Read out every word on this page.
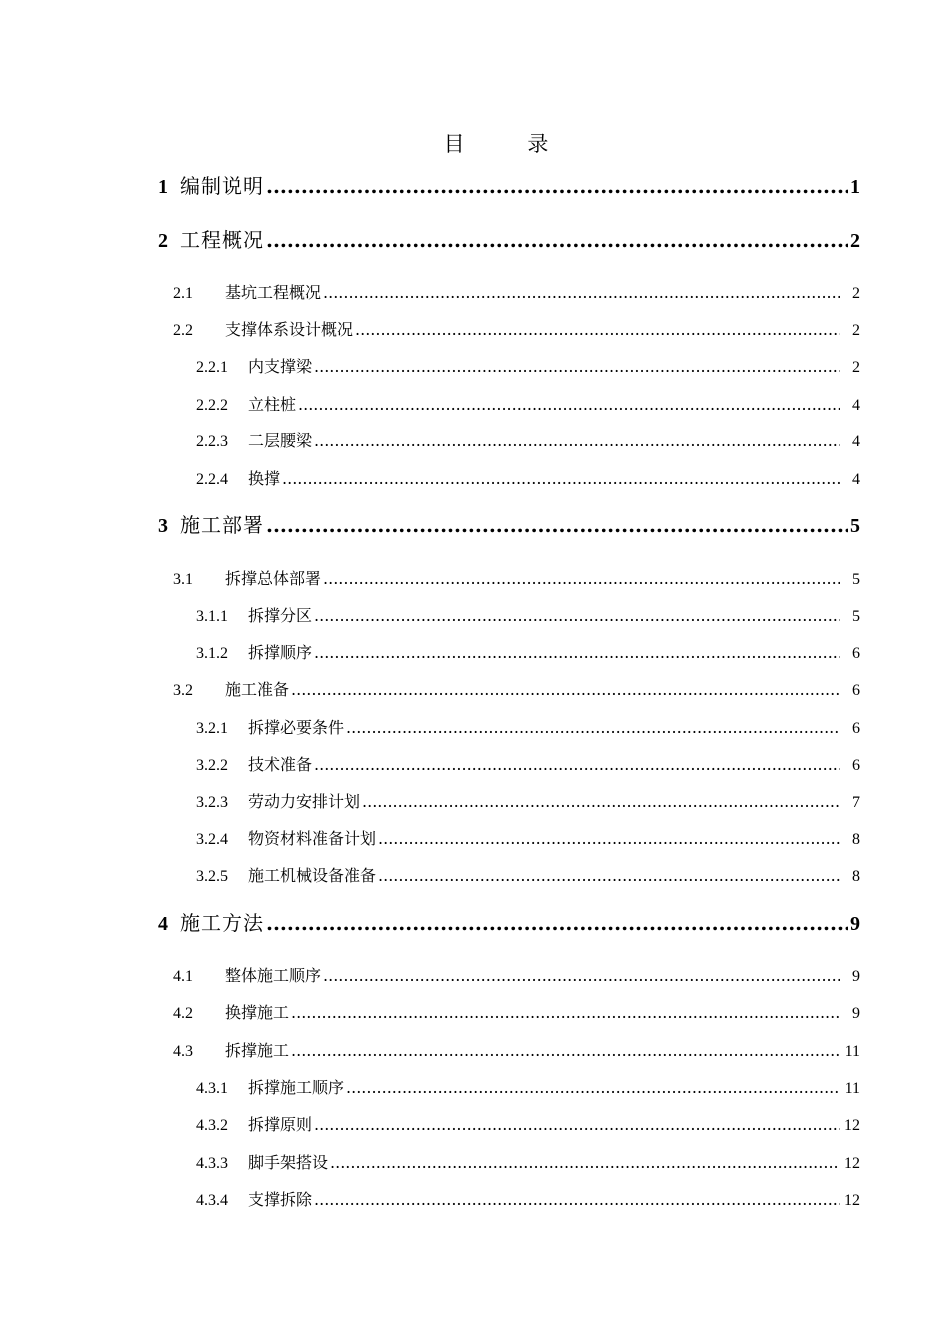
目 录
1 编制说明 .....	1
2 工程概况 .....	2
2.1	基坑工程概况 .....	2
2.2	支撑体系设计概况 .....	2
2.2.1	内支撑梁 .....	2
2.2.2	立柱桩 .....	4
2.2.3	二层腰梁 .....	4
2.2.4	换撑 .....	4
3 施工部署 .....	5
3.1	拆撑总体部署 .....	5
3.1.1	拆撑分区 .....	5
3.1.2	拆撑顺序 .....	6
3.2	施工准备 .....	6
3.2.1	拆撑必要条件 .....	6
3.2.2	技术准备 .....	6
3.2.3	劳动力安排计划 .....	7
3.2.4	物资材料准备计划 .....	8
3.2.5	施工机械设备准备 .....	8
4 施工方法 .....	9
4.1	整体施工顺序 .....	9
4.2	换撑施工 .....	9
4.3	拆撑施工 .....	11
4.3.1	拆撑施工顺序 .....	11
4.3.2	拆撑原则 .....	12
4.3.3	脚手架搭设 .....	12
4.3.4	支撑拆除 .....	12
